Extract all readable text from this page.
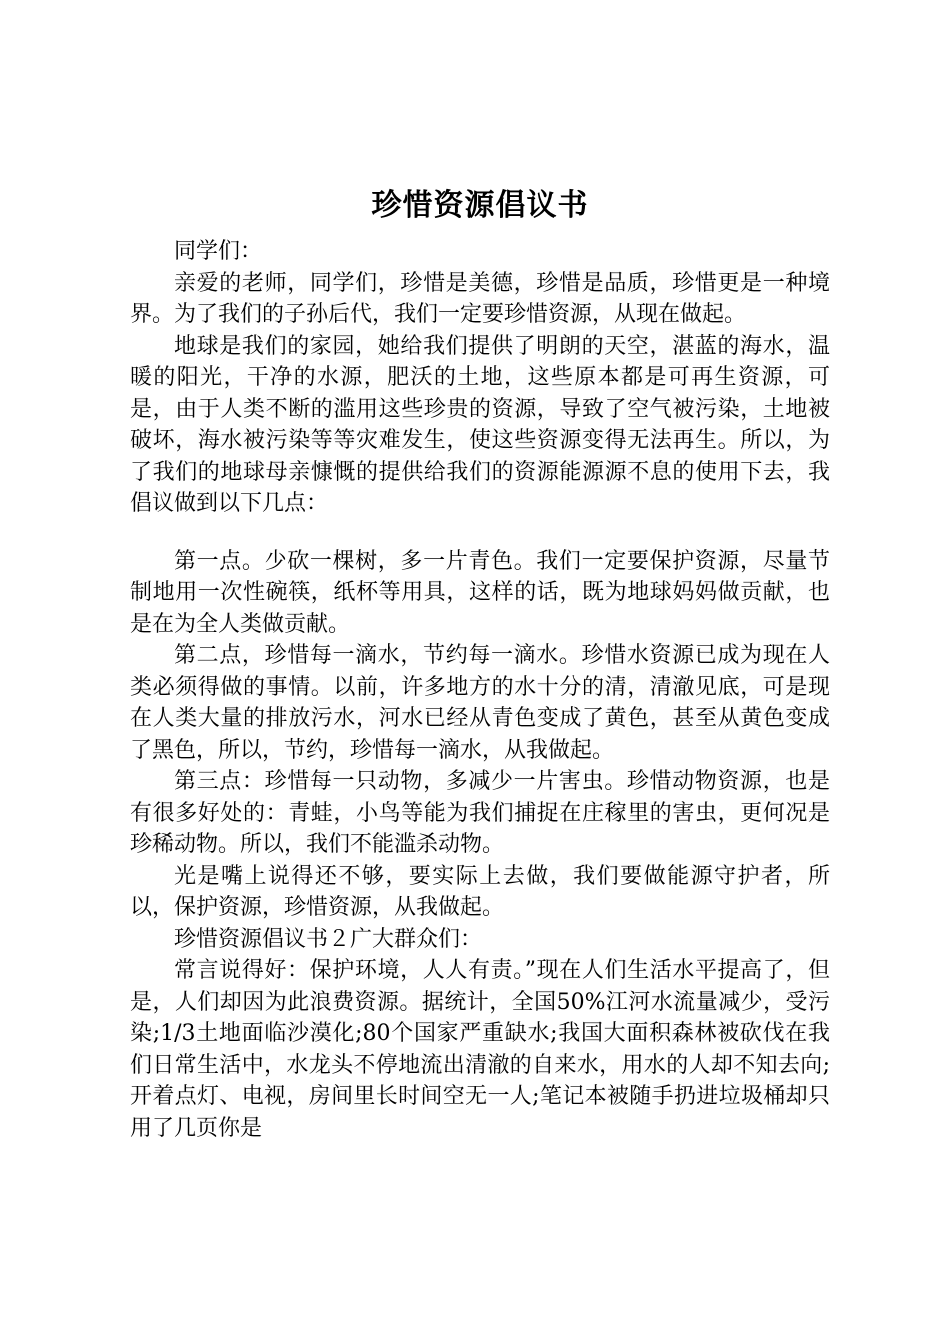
珍惜资源倡议书

同学们：

亲爱的老师，同学们，珍惜是美德，珍惜是品质，珍惜更是一种境界。为了我们的子孙后代，我们一定要珍惜资源，从现在做起。

地球是我们的家园，她给我们提供了明朗的天空，湛蓝的海水，温暖的阳光，干净的水源，肥沃的土地，这些原本都是可再生资源，可是，由于人类不断的滥用这些珍贵的资源，导致了空气被污染，土地被破坏，海水被污染等等灾难发生，使这些资源变得无法再生。所以，为了我们的地球母亲慷慨的提供给我们的资源能源源不息的使用下去，我倡议做到以下几点：

第一点。少砍一棵树，多一片青色。我们一定要保护资源，尽量节制地用一次性碗筷，纸杯等用具，这样的话，既为地球妈妈做贡献，也是在为全人类做贡献。

第二点，珍惜每一滴水，节约每一滴水。珍惜水资源已成为现在人类必须得做的事情。以前，许多地方的水十分的清，清澈见底，可是现在人类大量的排放污水，河水已经从青色变成了黄色，甚至从黄色变成了黑色，所以，节约，珍惜每一滴水，从我做起。

第三点：珍惜每一只动物，多减少一片害虫。珍惜动物资源，也是有很多好处的：青蛙，小鸟等能为我们捕捉在庄稼里的害虫，更何况是珍稀动物。所以，我们不能滥杀动物。

光是嘴上说得还不够，要实际上去做，我们要做能源守护者，所以，保护资源，珍惜资源，从我做起。

珍惜资源倡议书２广大群众们：

常言说得好：保护环境，人人有责。”现在人们生活水平提高了，但是，人们却因为此浪费资源。据统计，全国50%江河水流量减少，受污染;1/3土地面临沙漠化;80个国家严重缺水;我国大面积森林被砍伐在我们日常生活中，水龙头不停地流出清澈的自来水，用水的人却不知去向;开着点灯、电视，房间里长时间空无一人;笔记本被随手扔进垃圾桶却只用了几页你是
